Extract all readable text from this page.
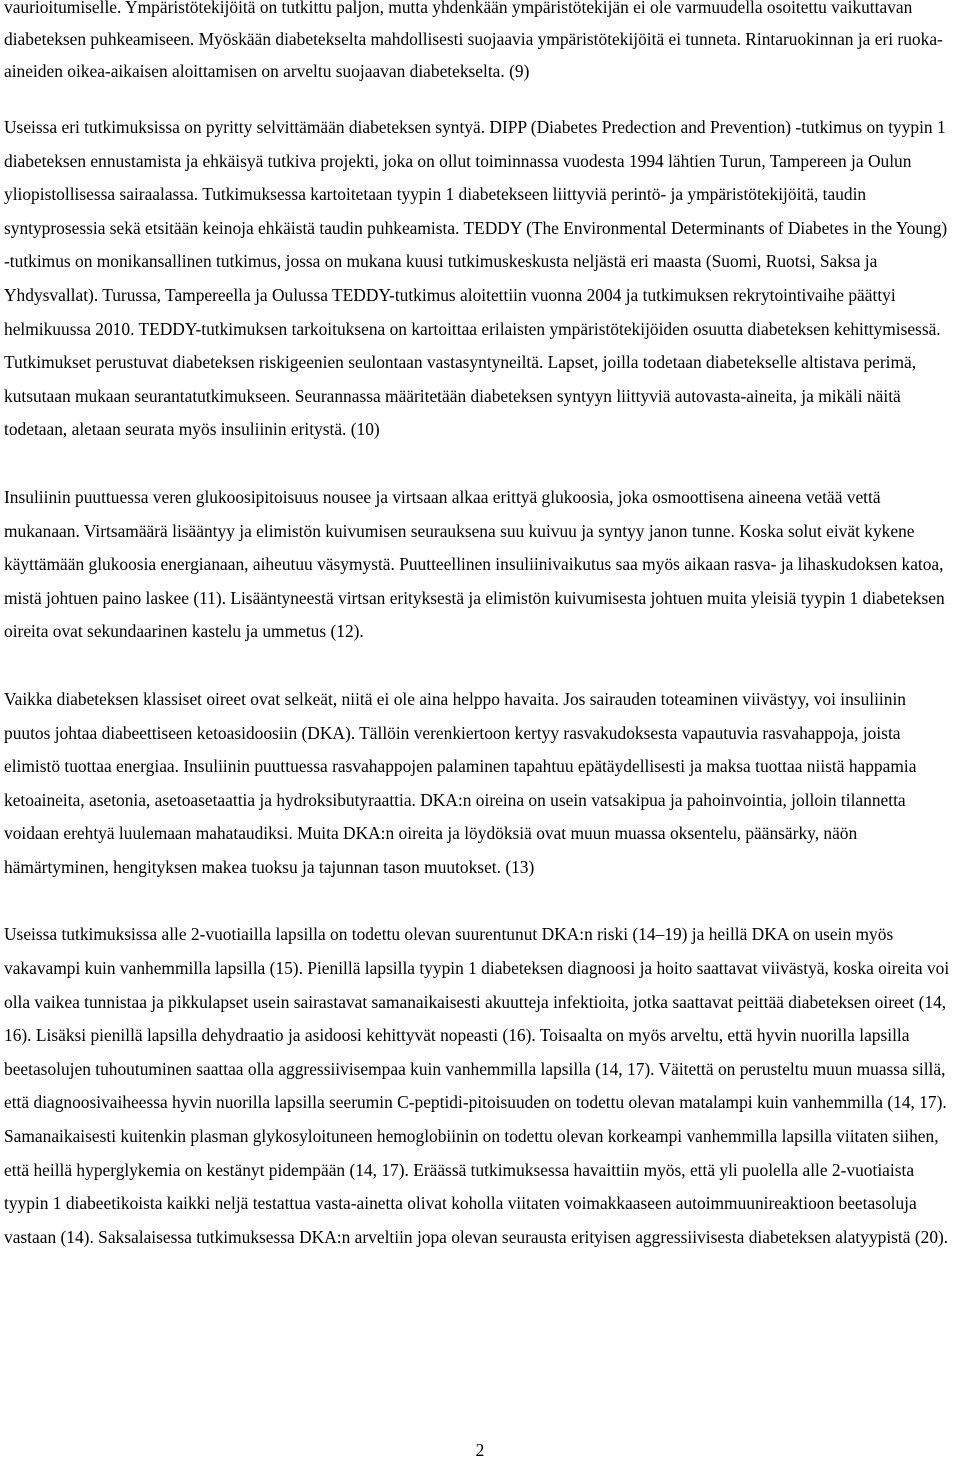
vaurioitumiselle. Ympäristötekijöitä on tutkittu paljon, mutta yhdenkään ympäristötekijän ei ole varmuudella osoitettu vaikuttavan diabeteksen puhkeamiseen. Myöskään diabetekselta mahdollisesti suojaavia ympäristötekijöitä ei tunneta. Rintaruokinnan ja eri ruoka-aineiden oikea-aikaisen aloittamisen on arveltu suojaavan diabetekselta. (9)

Useissa eri tutkimuksissa on pyritty selvittämään diabeteksen syntyä. DIPP (Diabetes Predection and Prevention) -tutkimus on tyypin 1 diabeteksen ennustamista ja ehkäisyä tutkiva projekti, joka on ollut toiminnassa vuodesta 1994 lähtien Turun, Tampereen ja Oulun yliopistollisessa sairaalassa. Tutkimuksessa kartoitetaan tyypin 1 diabetekseen liittyviä perintö- ja ympäristötekijöitä, taudin syntyprosessia sekä etsitään keinoja ehkäistä taudin puhkeamista. TEDDY (The Environmental Determinants of Diabetes in the Young) -tutkimus on monikansallinen tutkimus, jossa on mukana kuusi tutkimuskeskusta neljästä eri maasta (Suomi, Ruotsi, Saksa ja Yhdysvallat). Turussa, Tampereella ja Oulussa TEDDY-tutkimus aloitettiin vuonna 2004 ja tutkimuksen rekrytointivaihe päättyi helmikuussa 2010. TEDDY-tutkimuksen tarkoituksena on kartoittaa erilaisten ympäristötekijöiden osuutta diabeteksen kehittymisessä. Tutkimukset perustuvat diabeteksen riskigeenien seulontaan vastasyntyneiltä. Lapset, joilla todetaan diabetekselle altistava perimä, kutsutaan mukaan seurantatutkimukseen. Seurannassa määritetään diabeteksen syntyyn liittyviä autovasta-aineita, ja mikäli näitä todetaan, aletaan seurata myös insuliinin eritystä. (10)

Insuliinin puuttuessa veren glukoosipitoisuus nousee ja virtsaan alkaa erittyä glukoosia, joka osmoottisena aineena vetää vettä mukanaan. Virtsamäärä lisääntyy ja elimistön kuivumisen seurauksena suu kuivuu ja syntyy janon tunne. Koska solut eivät kykene käyttämään glukoosia energianaan, aiheutuu väsymystä. Puutteellinen insuliinivaikutus saa myös aikaan rasva- ja lihaskudoksen katoa, mistä johtuen paino laskee (11). Lisääntyneestä virtsan erityksestä ja elimistön kuivumisesta johtuen muita yleisiä tyypin 1 diabeteksen oireita ovat sekundaarinen kastelu ja ummetus (12).

Vaikka diabeteksen klassiset oireet ovat selkeät, niitä ei ole aina helppo havaita. Jos sairauden toteaminen viivästyy, voi insuliinin puutos johtaa diabeettiseen ketoasidoosiin (DKA). Tällöin verenkiertoon kertyy rasvakudoksesta vapautuvia rasvahappoja, joista elimistö tuottaa energiaa. Insuliinin puuttuessa rasvahappojen palaminen tapahtuu epätäydellisesti ja maksa tuottaa niistä happamia ketoaineita, asetonia, asetoasetaattia ja hydroksibutyraattia. DKA:n oireina on usein vatsakipua ja pahoinvointia, jolloin tilannetta voidaan erehtyä luulemaan mahataudiksi. Muita DKA:n oireita ja löydöksiä ovat muun muassa oksentelu, päänsärky, näön hämärtyminen, hengityksen makea tuoksu ja tajunnan tason muutokset. (13)

Useissa tutkimuksissa alle 2-vuotiailla lapsilla on todettu olevan suurentunut DKA:n riski (14–19) ja heillä DKA on usein myös vakavampi kuin vanhemmilla lapsilla (15). Pienillä lapsilla tyypin 1 diabeteksen diagnoosi ja hoito saattavat viivästyä, koska oireita voi olla vaikea tunnistaa ja pikkulapset usein sairastavat samanaikaisesti akuutteja infektioita, jotka saattavat peittää diabeteksen oireet (14, 16). Lisäksi pienillä lapsilla dehydraatio ja asidoosi kehittyvät nopeasti (16). Toisaalta on myös arveltu, että hyvin nuorilla lapsilla beetasolujen tuhoutuminen saattaa olla aggressiivisempaa kuin vanhemmilla lapsilla (14, 17). Väitettä on perusteltu muun muassa sillä, että diagnoosivaiheessa hyvin nuorilla lapsilla seerumin C-peptidi-pitoisuuden on todettu olevan matalampi kuin vanhemmilla (14, 17). Samanaikaisesti kuitenkin plasman glykosyloituneen hemoglobiinin on todettu olevan korkeampi vanhemmilla lapsilla viitaten siihen, että heillä hyperglykemia on kestänyt pidempään (14, 17). Eräässä tutkimuksessa havaittiin myös, että yli puolella alle 2-vuotiaista tyypin 1 diabeetikoista kaikki neljä testattua vasta-ainetta olivat koholla viitaten voimakkaaseen autoimmuunireaktioon beetasoluja vastaan (14). Saksalaisessa tutkimuksessa DKA:n arveltiin jopa olevan seurausta erityisen aggressiivisesta diabeteksen alatyypistä (20).

2
